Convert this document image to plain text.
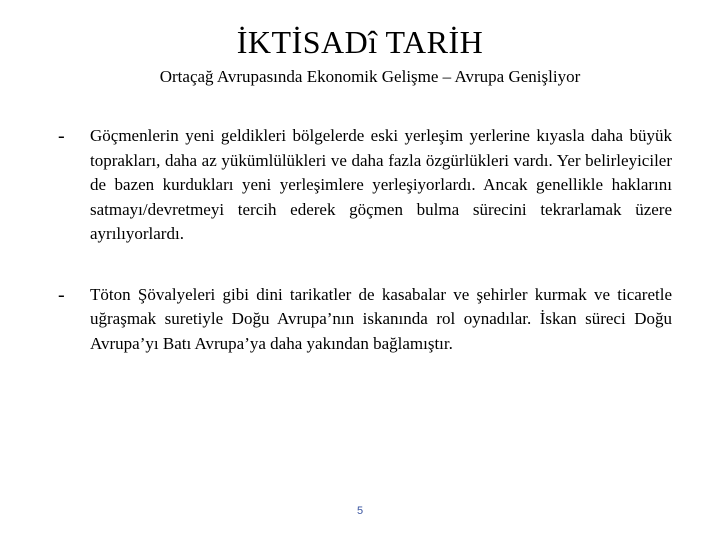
İKTİSADî TARİH
Ortaçağ Avrupasında Ekonomik Gelişme – Avrupa Genişliyor
-	Göçmenlerin yeni geldikleri bölgelerde eski yerleşim yerlerine kıyasla daha büyük toprakları, daha az yükümlülükleri ve daha fazla özgürlükleri vardı. Yer belirleyiciler de bazen kurdukları yeni yerleşimlere yerleşiyorlardı. Ancak genellikle haklarını satmayı/devretmeyi tercih ederek göçmen bulma sürecini tekrarlamak üzere ayrılıyorlardı.
-	Töton Şövalyeleri gibi dini tarikatler de kasabalar ve şehirler kurmak ve ticaretle uğraşmak suretiyle Doğu Avrupa’nın iskanında rol oynadılar. İskan süreci Doğu Avrupa’yı Batı Avrupa’ya daha yakından bağlamıştır.
5
